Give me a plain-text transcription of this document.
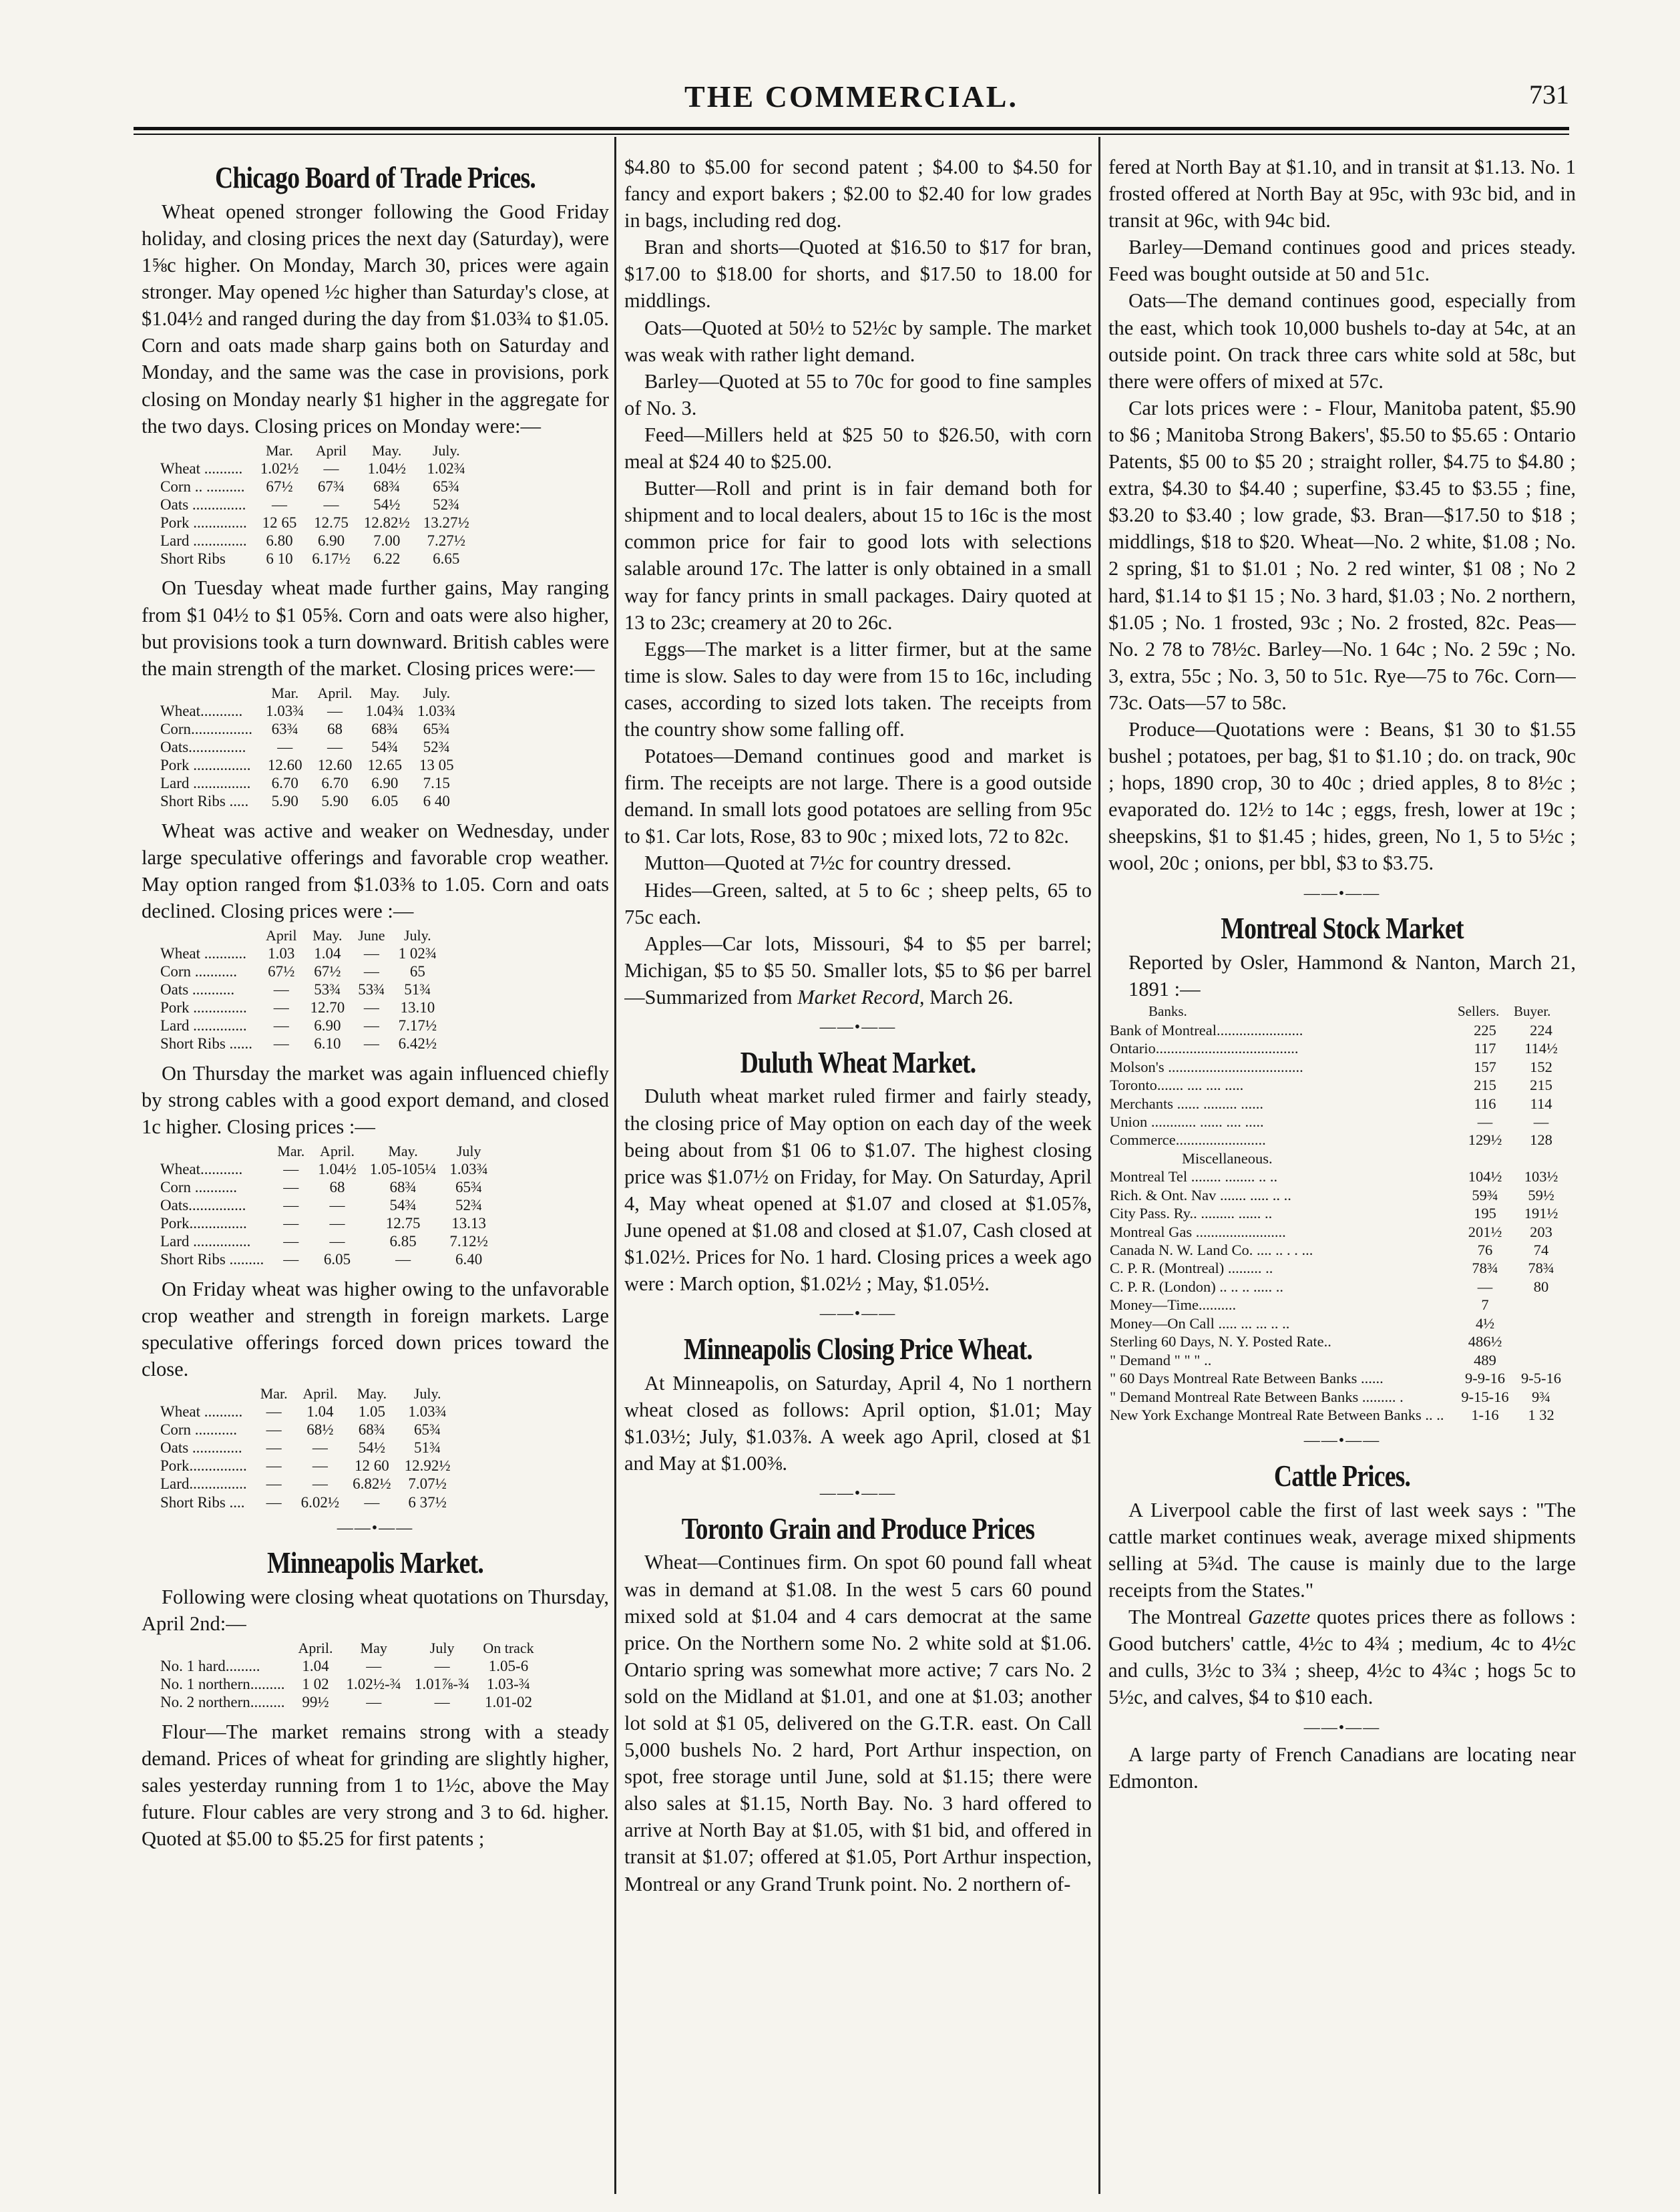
THE COMMERCIAL.	731
Chicago Board of Trade Prices.

Wheat opened stronger following the Good Friday holiday, and closing prices the next day (Saturday), were 1⅝c higher. On Monday, March 30, prices were again stronger. May opened ½c higher than Saturday's close, at $1.04½ and ranged during the day from $1.03¾ to $1.05. Corn and oats made sharp gains both on Saturday and Monday, and the same was the case in provisions, pork closing on Monday nearly $1 higher in the aggregate for the two days. Closing prices on Monday were:—

	Mar.	April	May.	July.
Wheat ..........	1.02½	—	1.04½	1.02¾
Corn .. ..........	67½	67¾	68¾	65¾
Oats ..............	—	—	54½	52¾
Pork ..............	12 65	12.75	12.82½	13.27½
Lard ..............	6.80	6.90	7.00	7.27½
Short Ribs	6 10	6.17½	6.22	6.65

On Tuesday wheat made further gains, May ranging from $1 04½ to $1 05⅝. Corn and oats were also higher, but provisions took a turn downward. British cables were the main strength of the market. Closing prices were:—

	Mar.	April.	May.	July.
Wheat...........	1.03¾	—	1.04¾	1.03¾
Corn................	63¾	68	68¾	65¾
Oats...............	—	—	54¾	52¾
Pork ...............	12.60	12.60	12.65	13 05
Lard ...............	6.70	6.70	6.90	7.15
Short Ribs .....	5.90	5.90	6.05	6 40

Wheat was active and weaker on Wednesday, under large speculative offerings and favorable crop weather. May option ranged from $1.03⅜ to 1.05. Corn and oats declined. Closing prices were :—

	April	May.	June	July.
Wheat ...........	1.03	1.04	—	1 02¾
Corn ...........	67½	67½	—	65
Oats ...........	—	53¾	53¾	51¾
Pork ..............	—	12.70	—	13.10
Lard ..............	—	6.90	—	7.17½
Short Ribs ......	—	6.10	—	6.42½

On Thursday the market was again influenced chiefly by strong cables with a good export demand, and closed 1c higher. Closing prices :—

	Mar.	April.	May.	July
Wheat...........	—	1.04½	1.05-105¼	1.03¾
Corn ...........	—	68	68¾	65¾
Oats...............	—	—	54¾	52¾
Pork...............	—	—	12.75	13.13
Lard ...............	—	—	6.85	7.12½
Short Ribs .........	—	6.05	—	6.40

On Friday wheat was higher owing to the unfavorable crop weather and strength in foreign markets. Large speculative offerings forced down prices toward the close.

	Mar.	April.	May.	July.
Wheat ..........	—	1.04	1.05	1.03¾
Corn ...........	—	68½	68¾	65¾
Oats .............	—	—	54½	51¾
Pork...............	—	—	12 60	12.92½
Lard...............	—	—	6.82½	7.07½
Short Ribs ....	—	6.02½	—	6 37½
——•——
Minneapolis Market.

Following were closing wheat quotations on Thursday, April 2nd:—

	April.	May	July	On track
No. 1 hard.........	1.04	—	—	1.05-6
No. 1 northern.........	1 02	1.02½-¾	1.01⅞-¾	1.03-¾
No. 2 northern.........	99½	—	—	1.01-02

Flour—The market remains strong with a steady demand. Prices of wheat for grinding are slightly higher, sales yesterday running from 1 to 1½c, above the May future. Flour cables are very strong and 3 to 6d. higher. Quoted at $5.00 to $5.25 for first patents ;

$4.80 to $5.00 for second patent ; $4.00 to $4.50 for fancy and export bakers ; $2.00 to $2.40 for low grades in bags, including red dog.

Bran and shorts—Quoted at $16.50 to $17 for bran, $17.00 to $18.00 for shorts, and $17.50 to 18.00 for middlings.

Oats—Quoted at 50½ to 52½c by sample. The market was weak with rather light demand.

Barley—Quoted at 55 to 70c for good to fine samples of No. 3.

Feed—Millers held at $25 50 to $26.50, with corn meal at $24 40 to $25.00.

Butter—Roll and print is in fair demand both for shipment and to local dealers, about 15 to 16c is the most common price for fair to good lots with selections salable around 17c. The latter is only obtained in a small way for fancy prints in small packages. Dairy quoted at 13 to 23c; creamery at 20 to 26c.

Eggs—The market is a litter firmer, but at the same time is slow. Sales to day were from 15 to 16c, including cases, according to sized lots taken. The receipts from the country show some falling off.

Potatoes—Demand continues good and market is firm. The receipts are not large. There is a good outside demand. In small lots good potatoes are selling from 95c to $1. Car lots, Rose, 83 to 90c ; mixed lots, 72 to 82c.

Mutton—Quoted at 7½c for country dressed.

Hides—Green, salted, at 5 to 6c ; sheep pelts, 65 to 75c each.

Apples—Car lots, Missouri, $4 to $5 per barrel; Michigan, $5 to $5 50. Smaller lots, $5 to $6 per barrel—Summarized from Market Record, March 26.

——•——
Duluth Wheat Market.

Duluth wheat market ruled firmer and fairly steady, the closing price of May option on each day of the week being about from $1 06 to $1.07. The highest closing price was $1.07½ on Friday, for May. On Saturday, April 4, May wheat opened at $1.07 and closed at $1.05⅞, June opened at $1.08 and closed at $1.07, Cash closed at $1.02½. Prices for No. 1 hard. Closing prices a week ago were : March option, $1.02½ ; May, $1.05½.

——•——
Minneapolis Closing Price Wheat.

At Minneapolis, on Saturday, April 4, No 1 northern wheat closed as follows: April option, $1.01; May $1.03½; July, $1.03⅞. A week ago April, closed at $1 and May at $1.00⅜.

——•——
Toronto Grain and Produce Prices

Wheat—Continues firm. On spot 60 pound fall wheat was in demand at $1.08. In the west 5 cars 60 pound mixed sold at $1.04 and 4 cars democrat at the same price. On the Northern some No. 2 white sold at $1.06. Ontario spring was somewhat more active; 7 cars No. 2 sold on the Midland at $1.01, and one at $1.03; another lot sold at $1 05, delivered on the G.T.R. east. On Call 5,000 bushels No. 2 hard, Port Arthur inspection, on spot, free storage until June, sold at $1.15; there were also sales at $1.15, North Bay. No. 3 hard offered to arrive at North Bay at $1.05, with $1 bid, and offered in transit at $1.07; offered at $1.05, Port Arthur inspection, Montreal or any Grand Trunk point. No. 2 northern of-

fered at North Bay at $1.10, and in transit at $1.13. No. 1 frosted offered at North Bay at 95c, with 93c bid, and in transit at 96c, with 94c bid.

Barley—Demand continues good and prices steady. Feed was bought outside at 50 and 51c.

Oats—The demand continues good, especially from the east, which took 10,000 bushels to-day at 54c, at an outside point. On track three cars white sold at 58c, but there were offers of mixed at 57c.

Car lots prices were : - Flour, Manitoba patent, $5.90 to $6 ; Manitoba Strong Bakers', $5.50 to $5.65 : Ontario Patents, $5 00 to $5 20 ; straight roller, $4.75 to $4.80 ; extra, $4.30 to $4.40 ; superfine, $3.45 to $3.55 ; fine, $3.20 to $3.40 ; low grade, $3. Bran—$17.50 to $18 ; middlings, $18 to $20. Wheat—No. 2 white, $1.08 ; No. 2 spring, $1 to $1.01 ; No. 2 red winter, $1 08 ; No 2 hard, $1.14 to $1 15 ; No. 3 hard, $1.03 ; No. 2 northern, $1.05 ; No. 1 frosted, 93c ; No. 2 frosted, 82c. Peas—No. 2 78 to 78½c. Barley—No. 1 64c ; No. 2 59c ; No. 3, extra, 55c ; No. 3, 50 to 51c. Rye—75 to 76c. Corn—73c. Oats—57 to 58c.

Produce—Quotations were : Beans, $1 30 to $1.55 bushel ; potatoes, per bag, $1 to $1.10 ; do. on track, 90c ; hops, 1890 crop, 30 to 40c ; dried apples, 8 to 8½c ; evaporated do. 12½ to 14c ; eggs, fresh, lower at 19c ; sheepskins, $1 to $1.45 ; hides, green, No 1, 5 to 5½c ; wool, 20c ; onions, per bbl, $3 to $3.75.

——•——
Montreal Stock Market

Reported by Osler, Hammond & Nanton, March 21, 1891 :—

Banks.	Sellers.	Buyer.
Bank of Montreal.......................	225	224
Ontario......................................	117	114½
Molson's ....................................	157	152
Toronto....... .... .... .....	215	215
Merchants ...... ......... ......	116	114
Union ............ ...... .... .....	—	—
Commerce........................	129½	128
Miscellaneous.		
Montreal Tel ........ ........ .. ..	104½	103½
Rich. & Ont. Nav ....... ..... .. ..	59¾	59½
City Pass. Ry.. ......... ...... ..	195	191½
Montreal Gas ........................	201½	203
Canada N. W. Land Co. .... .. . . ...	76	74
C. P. R. (Montreal) ......... ..	78¾	78¾
C. P. R. (London) .. .. .. ..... ..	—	80
Money—Time..........	7	
Money—On Call ..... ... ... .. ..	4½	
Sterling 60 Days, N. Y. Posted Rate..	486½	
" Demand " " " ..	489	
" 60 Days Montreal Rate Between Banks ......	9-9-16	9-5-16
" Demand Montreal Rate Between Banks ......... .	9-15-16	9¾
New York Exchange Montreal Rate Between Banks .. ..	1-16	1 32
——•——
Cattle Prices.

A Liverpool cable the first of last week says : "The cattle market continues weak, average mixed shipments selling at 5¾d. The cause is mainly due to the large receipts from the States."

The Montreal Gazette quotes prices there as follows : Good butchers' cattle, 4½c to 4¾ ; medium, 4c to 4½c and culls, 3½c to 3¾ ; sheep, 4½c to 4¾c ; hogs 5c to 5½c, and calves, $4 to $10 each.

——•——

A large party of French Canadians are locating near Edmonton.
